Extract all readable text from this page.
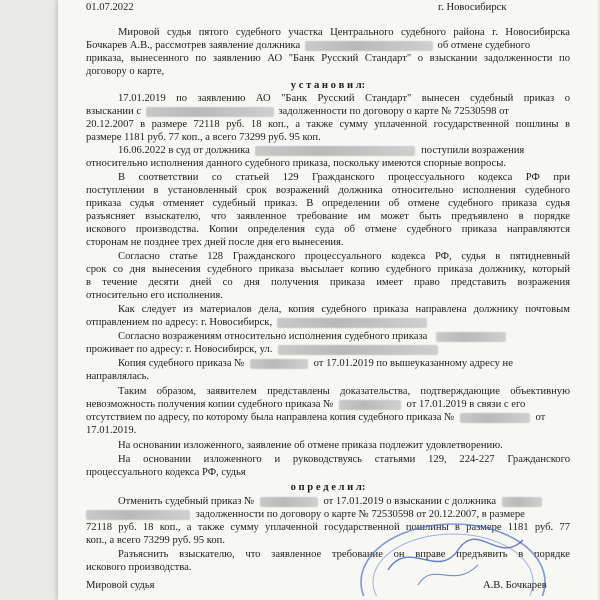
01.07.2022	г. Новосибирск
Мировой судья пятого судебного участка Центрального судебного района г. Новосибирска
Бочкарев А.В., рассмотрев заявление должника	об отмене судебного
приказа, вынесенного по заявлению АО "Банк Русский Стандарт" о взыскании задолженности по
договору о карте,
у с т а н о в и л:
17.01.2019 по заявлению АО "Банк Русский Стандарт" вынесен судебный приказ о
взыскании с	задолженности по договору о карте № 72530598 от
20.12.2007 в размере 72118 руб. 18 коп., а также сумму уплаченной государственной пошлины в
размере 1181 руб. 77 коп., а всего 73299 руб. 95 коп.
16.06.2022 в суд от должника	поступили возражения
относительно исполнения данного судебного приказа, поскольку имеются спорные вопросы.
В соответствии со статьей 129 Гражданского процессуального кодекса РФ при
поступлении в установленный срок возражений должника относительно исполнения судебного
приказа судья отменяет судебный приказ. В определении об отмене судебного приказа судья
разъясняет взыскателю, что заявленное требование им может быть предъявлено в порядке
искового производства. Копии определения суда об отмене судебного приказа направляются
сторонам не позднее трех дней после дня его вынесения.
Согласно статье 128 Гражданского процессуального кодекса РФ, судья в пятидневный
срок со дня вынесения судебного приказа высылает копию судебного приказа должнику, который
в течение десяти дней со дня получения приказа имеет право представить возражения
относительно его исполнения.
Как следует из материалов дела, копия судебного приказа направлена должнику почтовым
отправлением по адресу: г. Новосибирск,
Согласно возражениям относительно исполнения судебного приказа
проживает по адресу: г. Новосибирск, ул.
Копия судебного приказа №	от 17.01.2019 по вышеуказанному адресу не
направлялась.
Таким образом, заявителем представлены доказательства, подтверждающие объективную
невозможность получения копии судебного приказа №	от 17.01.2019 в связи с его
отсутствием по адресу, по которому была направлена копия судебного приказа №	от
17.01.2019.
На основании изложенного, заявление об отмене приказа подлежит удовлетворению.
На основании изложенного и руководствуясь статьями 129, 224-227 Гражданского
процессуального кодекса РФ, судья
о п р е д е л и л:
Отменить судебный приказ №	от 17.01.2019 о взыскании с должника
задолженности по договору о карте № 72530598 от 20.12.2007, в размере
72118 руб. 18 коп., а также сумму уплаченной государственной пошлины в размере 1181 руб. 77
коп., а всего 73299 руб. 95 коп.
Разъяснить взыскателю, что заявленное требование он вправе предъявить в порядке
искового производства.
Мировой судья	А.В. Бочкарев
